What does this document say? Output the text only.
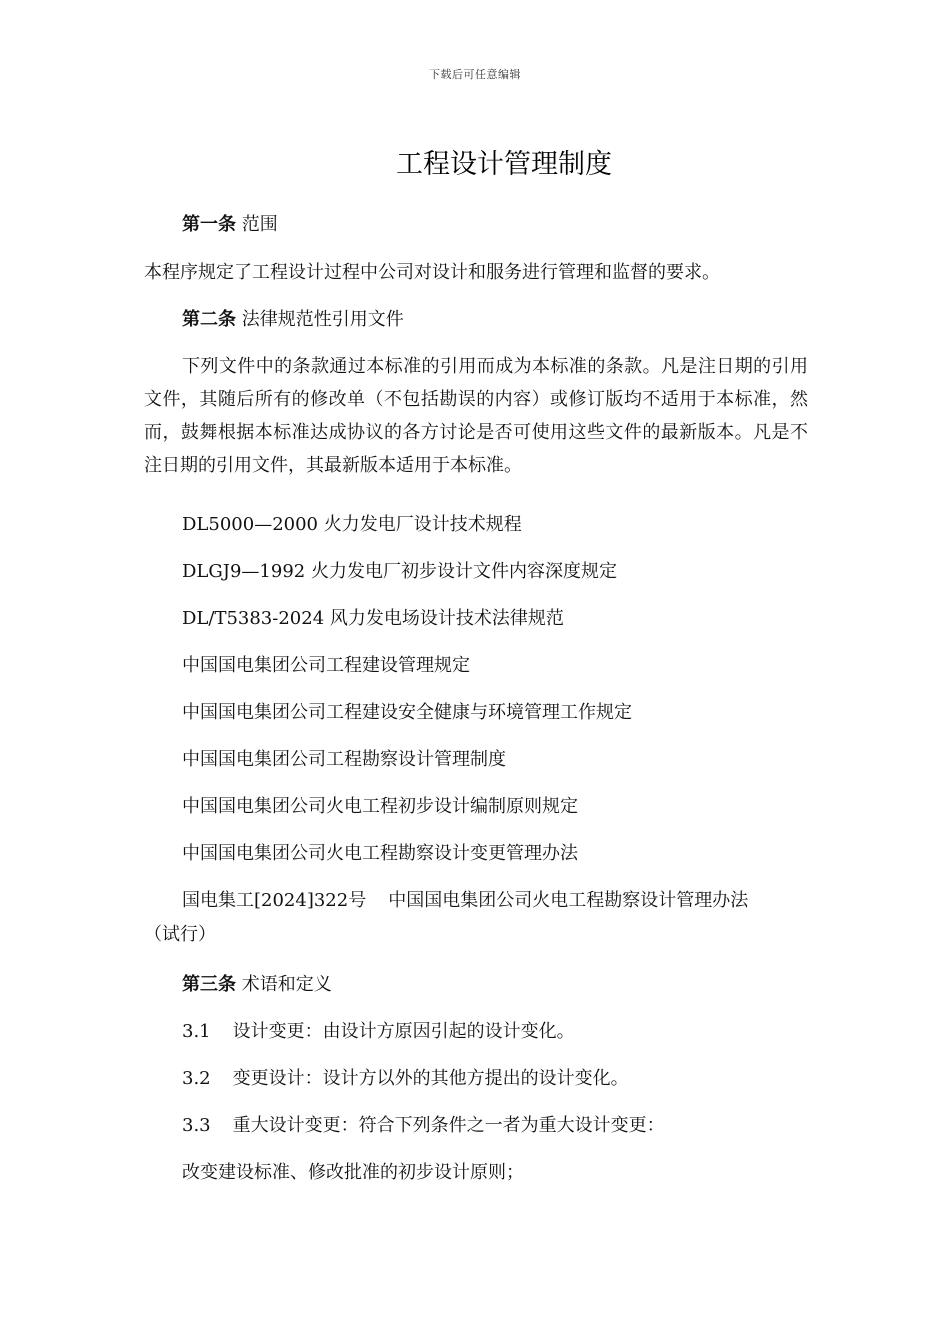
下载后可任意编辑
工程设计管理制度
第一条 范围
本程序规定了工程设计过程中公司对设计和服务进行管理和监督的要求。
第二条 法律规范性引用文件
下列文件中的条款通过本标准的引用而成为本标准的条款。凡是注日期的引用文件，其随后所有的修改单（不包括勘误的内容）或修订版均不适用于本标准，然而，鼓舞根据本标准达成协议的各方讨论是否可使用这些文件的最新版本。凡是不注日期的引用文件，其最新版本适用于本标准。
DL5000—2000 火力发电厂设计技术规程
DLGJ9—1992 火力发电厂初步设计文件内容深度规定
DL/T5383-2024 风力发电场设计技术法律规范
中国国电集团公司工程建设管理规定
中国国电集团公司工程建设安全健康与环境管理工作规定
中国国电集团公司工程勘察设计管理制度
中国国电集团公司火电工程初步设计编制原则规定
中国国电集团公司火电工程勘察设计变更管理办法
国电集工[2024]322号 中国国电集团公司火电工程勘察设计管理办法
（试行）
第三条 术语和定义
3.1 设计变更：由设计方原因引起的设计变化。
3.2 变更设计：设计方以外的其他方提出的设计变化。
3.3 重大设计变更：符合下列条件之一者为重大设计变更：
改变建设标准、修改批准的初步设计原则；
